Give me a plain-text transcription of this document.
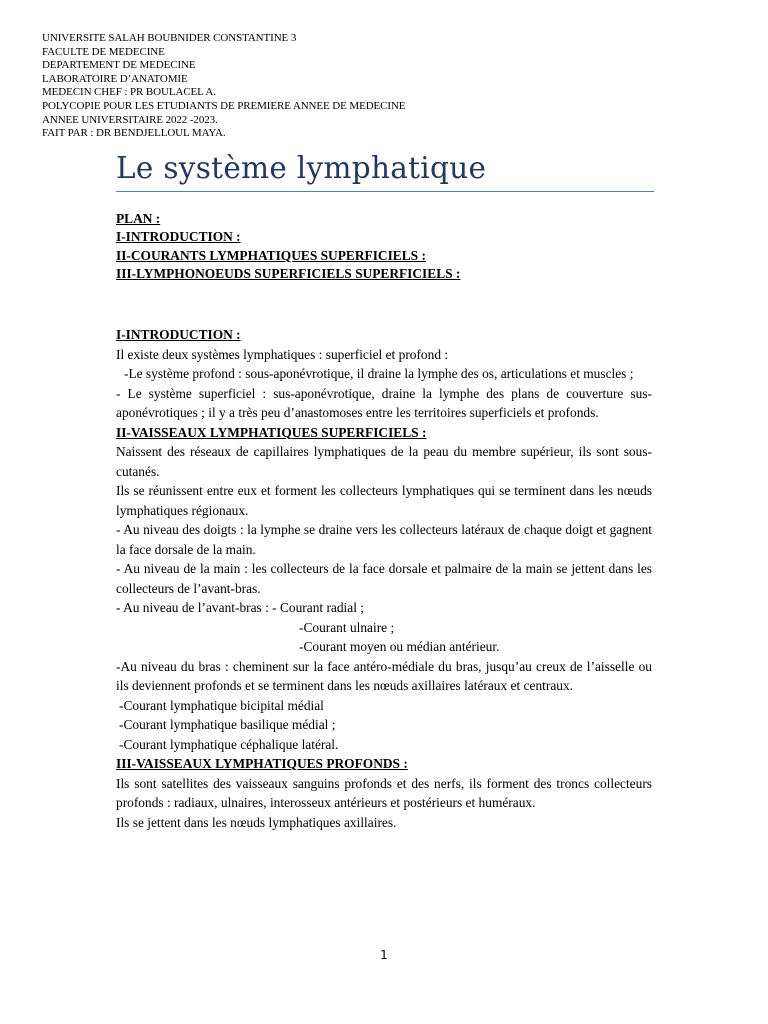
UNIVERSITE SALAH BOUBNIDER CONSTANTINE 3
FACULTE DE MEDECINE
DEPARTEMENT DE MEDECINE
LABORATOIRE D’ANATOMIE
MEDECIN CHEF : PR BOULACEL A.
POLYCOPIE POUR LES ETUDIANTS DE PREMIERE ANNEE DE MEDECINE
ANNEE UNIVERSITAIRE 2022 -2023.
FAIT PAR : DR BENDJELLOUL MAYA.
Le système lymphatique
PLAN :
I-INTRODUCTION :
II-COURANTS LYMPHATIQUES SUPERFICIELS :
III-LYMPHONOEUDS SUPERFICIELS SUPERFICIELS :
I-INTRODUCTION :
Il existe deux systèmes lymphatiques : superficiel et profond :
-Le système profond : sous-aponévrotique, il draine la lymphe des os, articulations et muscles ;
- Le système superficiel : sus-aponévrotique, draine la lymphe des plans de couverture sus-aponévrotiques ; il y a très peu d’anastomoses entre les territoires superficiels et profonds.
II-VAISSEAUX LYMPHATIQUES SUPERFICIELS :
Naissent des réseaux de capillaires lymphatiques de la peau du membre supérieur, ils sont sous-cutanés.
Ils se réunissent entre eux et forment les collecteurs lymphatiques qui se terminent dans les nœuds lymphatiques régionaux.
- Au niveau des doigts : la lymphe se draine vers les collecteurs latéraux de chaque doigt et gagnent la face dorsale de la main.
- Au niveau de la main : les collecteurs de la face dorsale et palmaire de la main se jettent dans les collecteurs de l’avant-bras.
- Au niveau de l’avant-bras : - Courant radial ;
-Courant ulnaire ;
-Courant moyen ou médian antérieur.
-Au niveau du bras : cheminent sur la face antéro-médiale du bras, jusqu’au creux de l’aisselle ou ils deviennent profonds et se terminent dans les nœuds axillaires latéraux et centraux.
-Courant lymphatique bicipital médial
-Courant lymphatique basilique médial ;
-Courant lymphatique céphalique latéral.
III-VAISSEAUX LYMPHATIQUES PROFONDS :
Ils sont satellites des vaisseaux sanguins profonds et des nerfs, ils forment des troncs collecteurs profonds : radiaux, ulnaires, interosseux antérieurs et postérieurs et huméraux.
Ils se jettent dans les nœuds lymphatiques axillaires.
1
